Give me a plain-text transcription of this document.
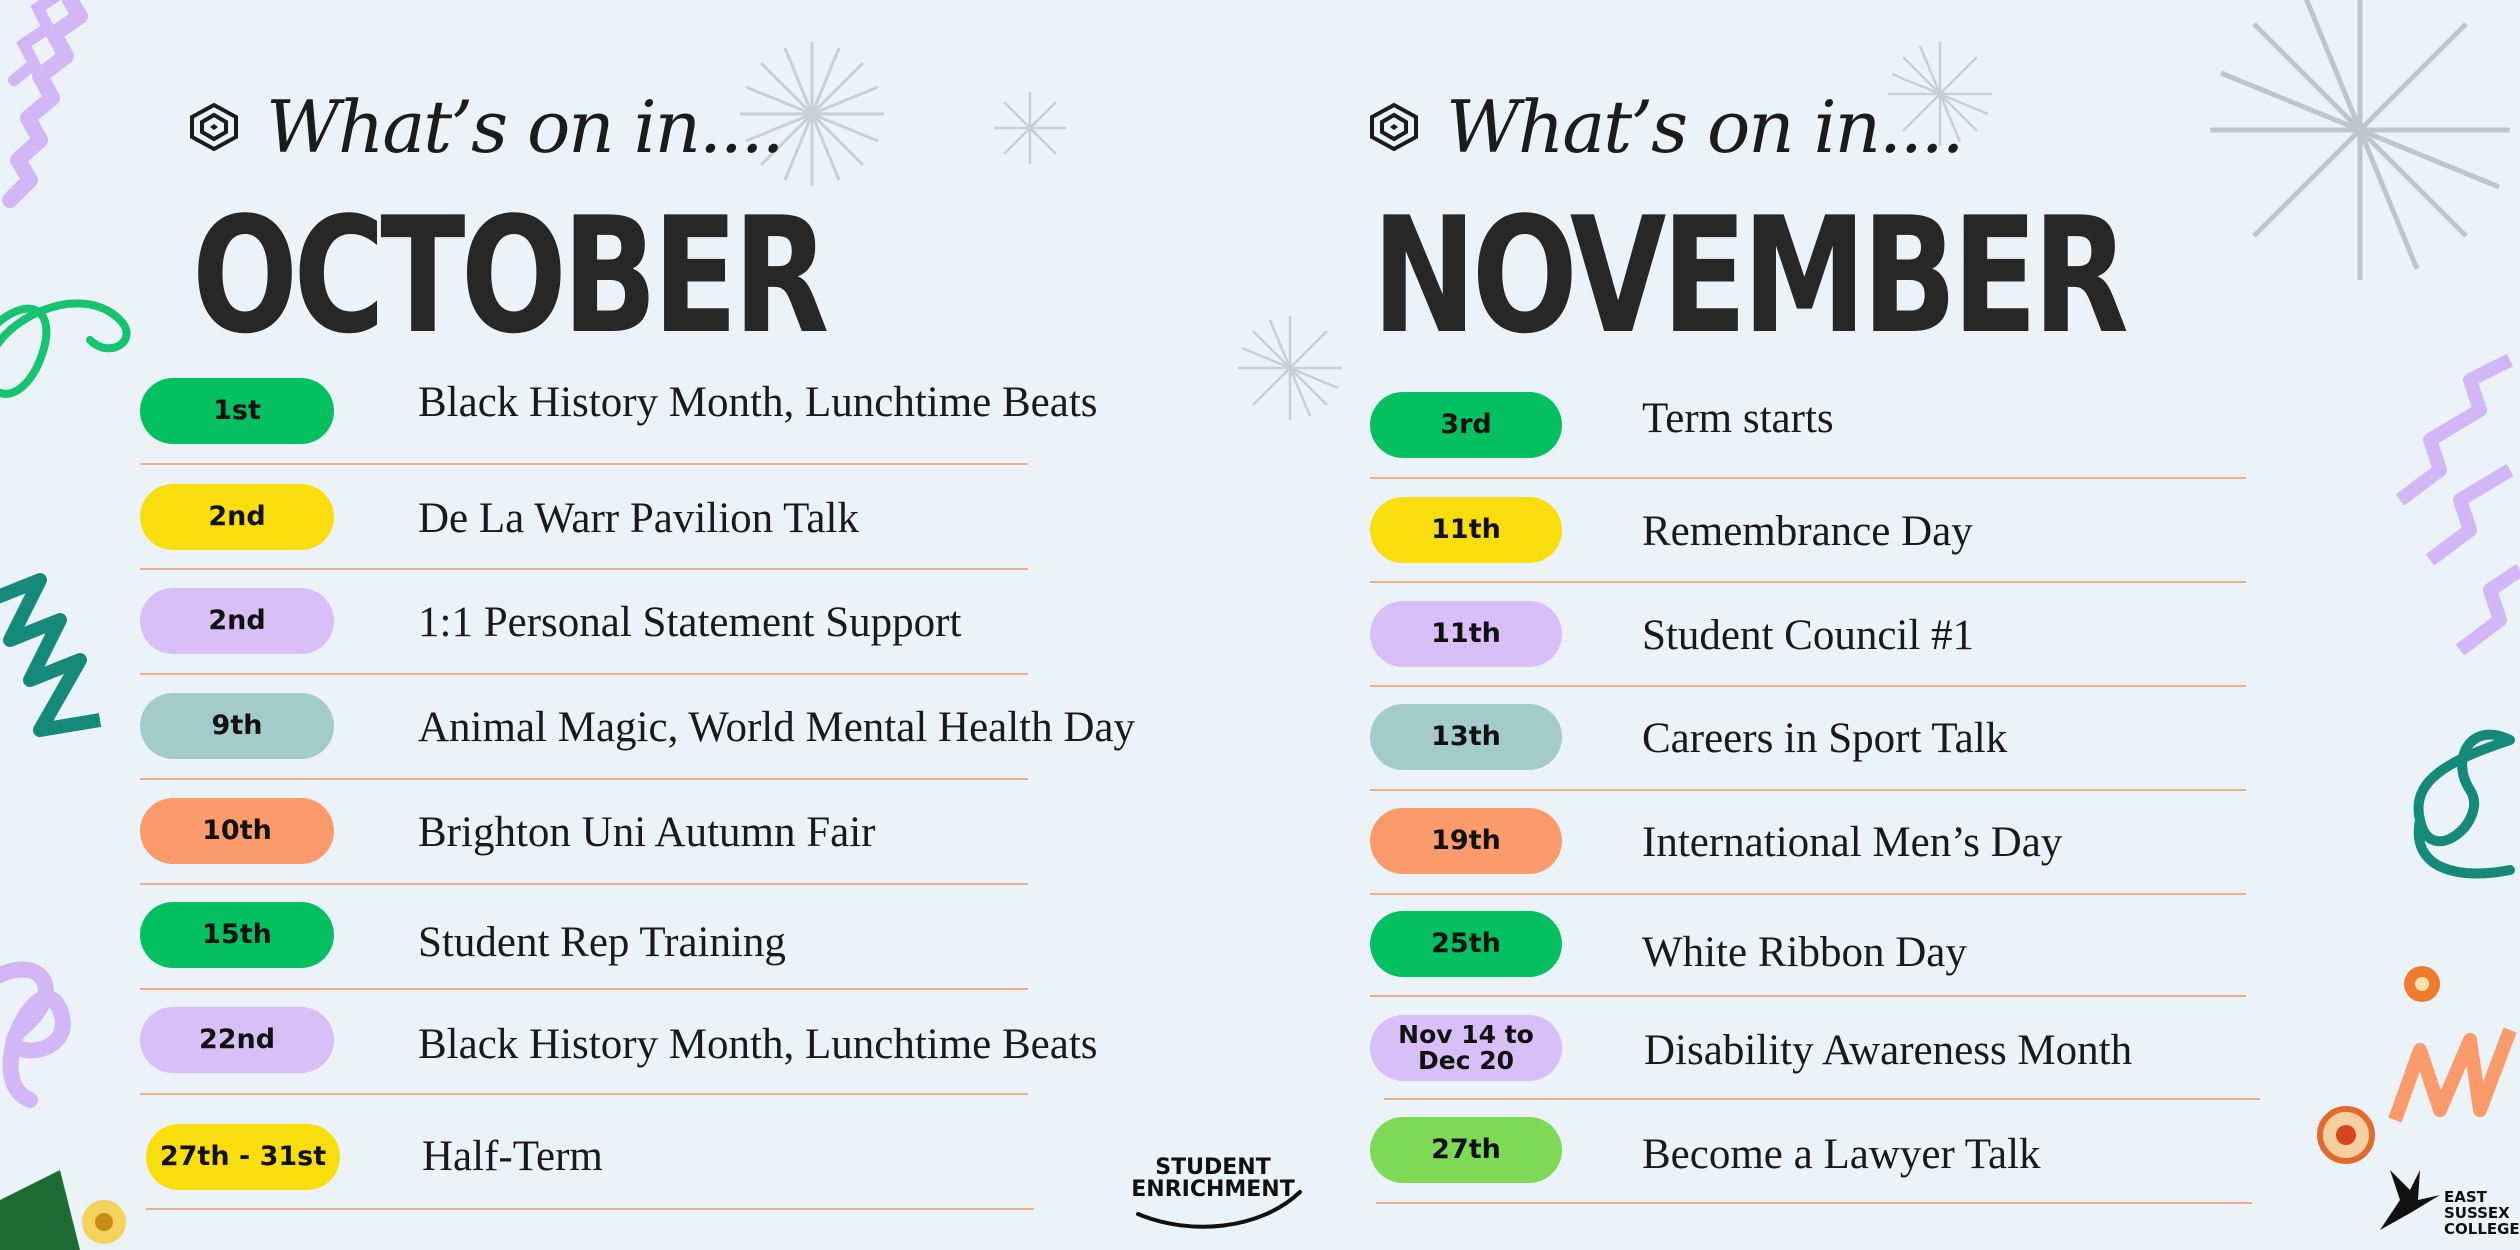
What’s on in....
OCTOBER
1st	Black History Month, Lunchtime Beats
2nd	De La Warr Pavilion Talk
2nd	1:1 Personal Statement Support
9th	Animal Magic, World Mental Health Day
10th	Brighton Uni Autumn Fair
15th	Student Rep Training
22nd	Black History Month, Lunchtime Beats
27th - 31st	Half-Term
What’s on in....
NOVEMBER
3rd	Term starts
11th	Remembrance Day
11th	Student Council #1
13th	Careers in Sport Talk
19th	International Men’s Day
25th	White Ribbon Day
Nov 14 to
Dec 20	Disability Awareness Month
27th	Become a Lawyer Talk
STUDENT
ENRICHMENT	EAST
SUSSEX
COLLEGE
